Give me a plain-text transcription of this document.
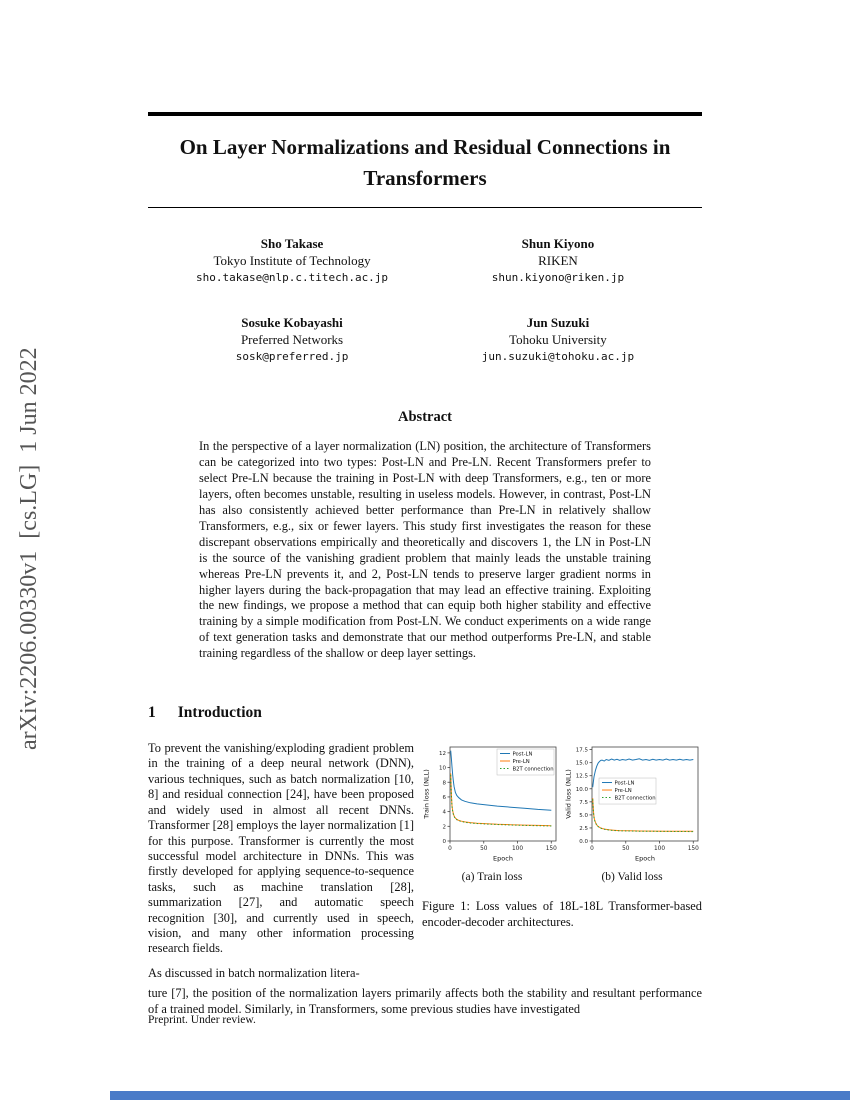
arXiv:2206.00330v1  [cs.LG]  1 Jun 2022
On Layer Normalizations and Residual Connections in Transformers
Sho Takase
Tokyo Institute of Technology
sho.takase@nlp.c.titech.ac.jp
Shun Kiyono
RIKEN
shun.kiyono@riken.jp
Sosuke Kobayashi
Preferred Networks
sosk@preferred.jp
Jun Suzuki
Tohoku University
jun.suzuki@tohoku.ac.jp
Abstract

In the perspective of a layer normalization (LN) position, the architecture of Transformers can be categorized into two types: Post-LN and Pre-LN. Recent Transformers prefer to select Pre-LN because the training in Post-LN with deep Transformers, e.g., ten or more layers, often becomes unstable, resulting in useless models. However, in contrast, Post-LN has also consistently achieved better performance than Pre-LN in relatively shallow Transformers, e.g., six or fewer layers. This study first investigates the reason for these discrepant observations empirically and theoretically and discovers 1, the LN in Post-LN is the source of the vanishing gradient problem that mainly leads the unstable training whereas Pre-LN prevents it, and 2, Post-LN tends to preserve larger gradient norms in higher layers during the back-propagation that may lead an effective training. Exploiting the new findings, we propose a method that can equip both higher stability and effective training by a simple modification from Post-LN. We conduct experiments on a wide range of text generation tasks and demonstrate that our method outperforms Pre-LN, and stable training regardless of the shallow or deep layer settings.

1 Introduction

To prevent the vanishing/exploding gradient problem in the training of a deep neural network (DNN), various techniques, such as batch normalization [10, 8] and residual connection [24], have been proposed and widely used in almost all recent DNNs. Transformer [28] employs the layer normalization [1] for this purpose. Transformer is currently the most successful model architecture in DNNs. This was firstly developed for applying sequence-to-sequence tasks, such as machine translation [28], summarization [27], and automatic speech recognition [30], and currently used in speech, vision, and many other information processing research fields.

As discussed in batch normalization litera-

0	50	100	150
0
2
4
6
8
10
12
Epoch
Train loss (NLL)
Post-LN
Pre-LN
B2T connection
0	50	100	150
0.0
2.5
5.0
7.5
10.0
12.5
15.0
17.5
Epoch
Valid loss (NLL)	Post-LN
Pre-LN
B2T connection
(a) Train loss	(b) Valid loss

Figure 1: Loss values of 18L-18L Transformer-based encoder-decoder architectures.

ture [7], the position of the normalization layers primarily affects both the stability and resultant performance of a trained model. Similarly, in Transformers, some previous studies have investigated

Preprint. Under review.
